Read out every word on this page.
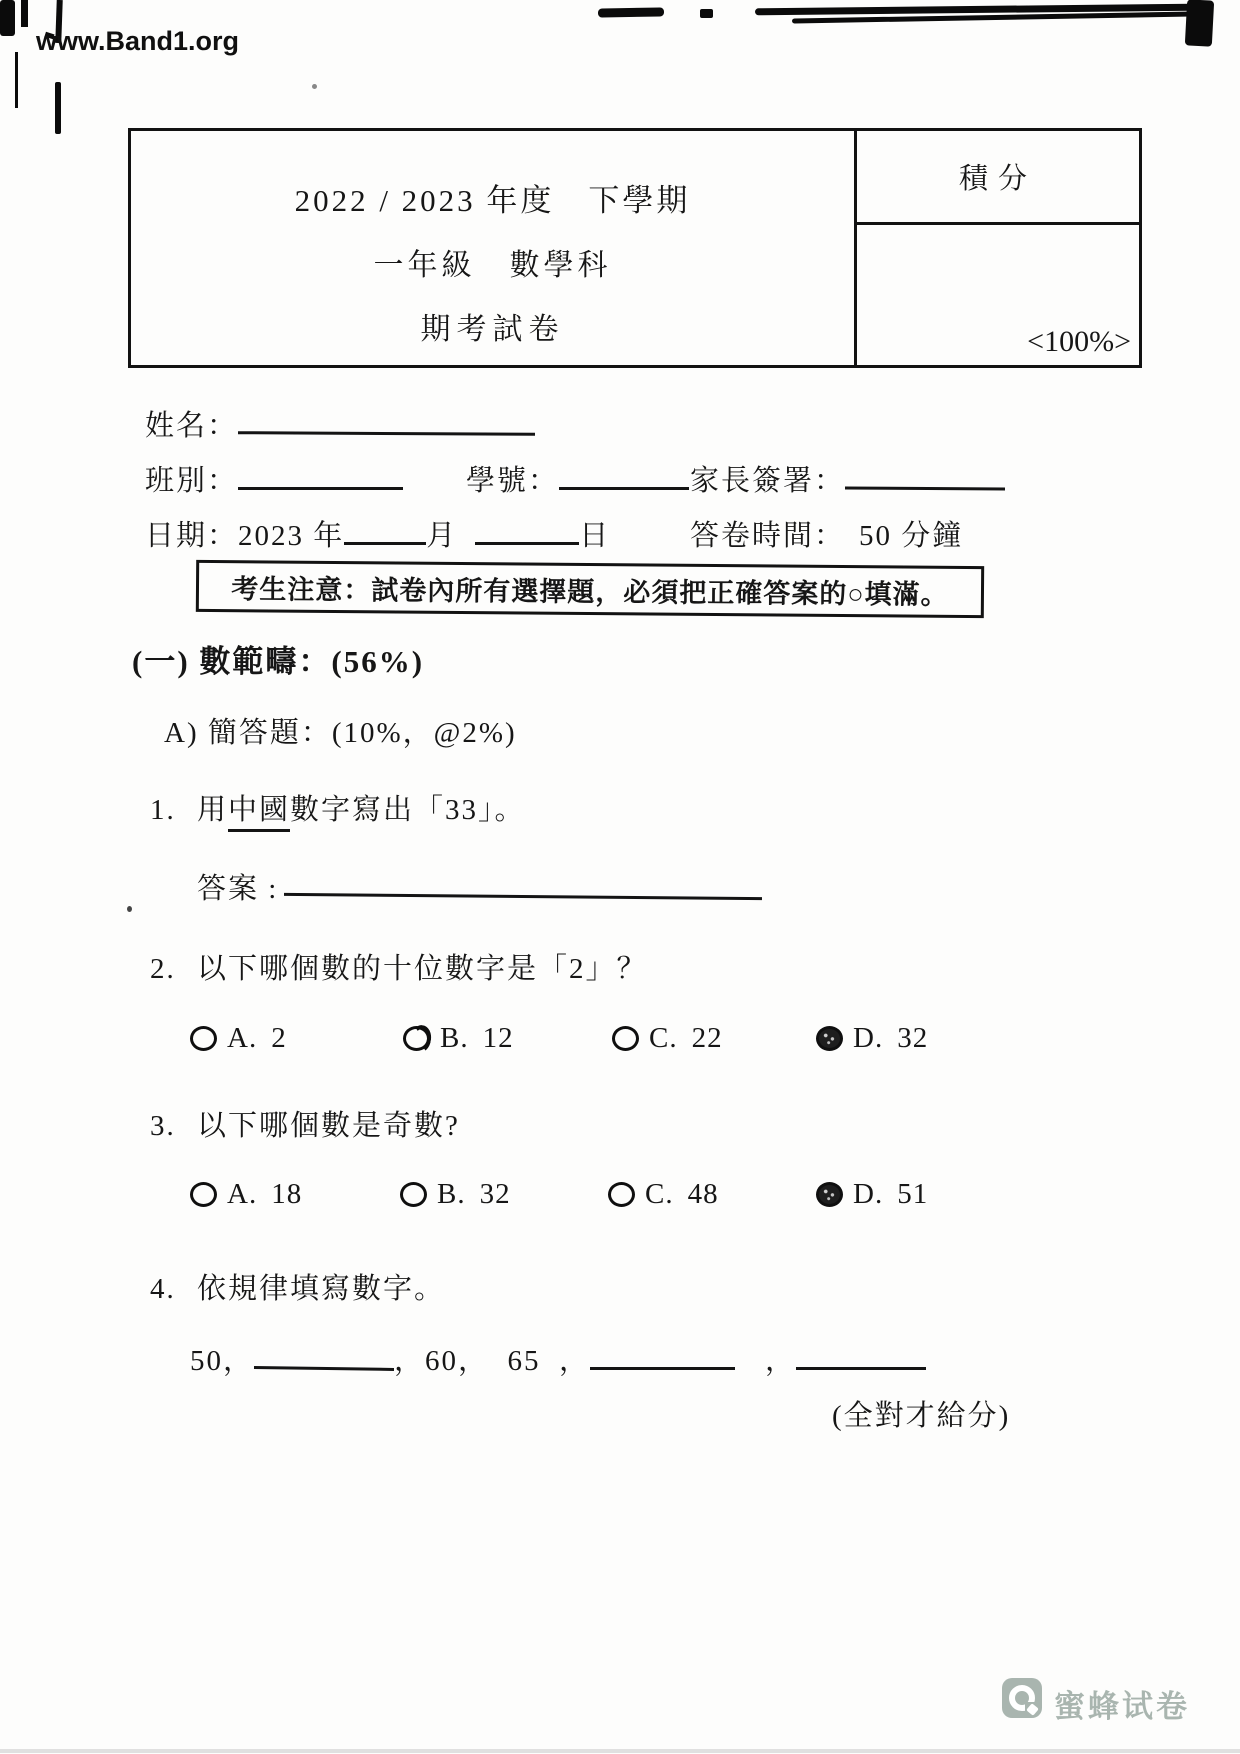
www.Band1.org
2022 / 2023 年度　下學期
一年級　數學科
期考試卷
積分
<100%>
姓名：
班別：	學號：	家長簽署：
日期：2023 年	月	日	答卷時間： 50 分鐘
考生注意：試卷內所有選擇題，必須把正確答案的○填滿。
(一) 數範疇：(56%)
A) 簡答題：(10%，@2%)
1. 用 中國 數字寫出「33」。
答案 :
2. 以下哪個數的十位數字是「2」？
A. 2	B. 12	C. 22	D. 32
3. 以下哪個數是奇數?
A. 18	B. 32	C. 48	D. 51
4. 依規律填寫數字。
50，	，60，  65  ，	，
(全對才給分)
蜜蜂试卷
